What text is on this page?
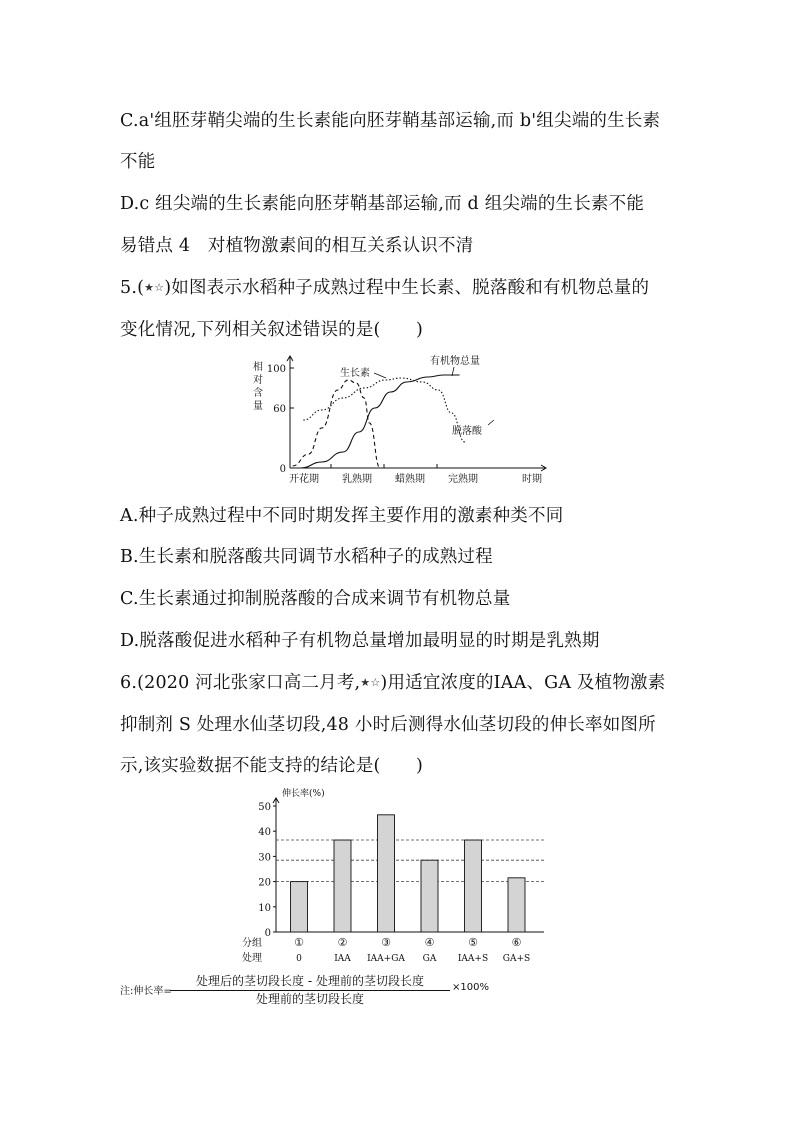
C.a'组胚芽鞘尖端的生长素能向胚芽鞘基部运输,而 b'组尖端的生长素
不能
D.c 组尖端的生长素能向胚芽鞘基部运输,而 d 组尖端的生长素不能
易错点 4　对植物激素间的相互关系认识不清
5.(★☆)如图表示水稻种子成熟过程中生长素、脱落酸和有机物总量的
变化情况,下列相关叙述错误的是(　　)
0
60
100
相
对
含
量
开花期 乳熟期 蜡熟期 完熟期	时期
生长素
有机物总量
脱落酸
A.种子成熟过程中不同时期发挥主要作用的激素种类不同
B.生长素和脱落酸共同调节水稻种子的成熟过程
C.生长素通过抑制脱落酸的合成来调节有机物总量
D.脱落酸促进水稻种子有机物总量增加最明显的时期是乳熟期
6.(2020 河北张家口高二月考,★☆)用适宜浓度的IAA、GA 及植物激素
抑制剂 S 处理水仙茎切段,48 小时后测得水仙茎切段的伸长率如图所
示,该实验数据不能支持的结论是(　　)
0
10
20
30
40
50
伸长率(%)
①
0
②
IAA
③
IAA+GA
④
GA
⑤
IAA+S
⑥
GA+S
分组
处理
注:伸长率=
处理后的茎切段长度 - 处理前的茎切段长度
处理前的茎切段长度
×100%
